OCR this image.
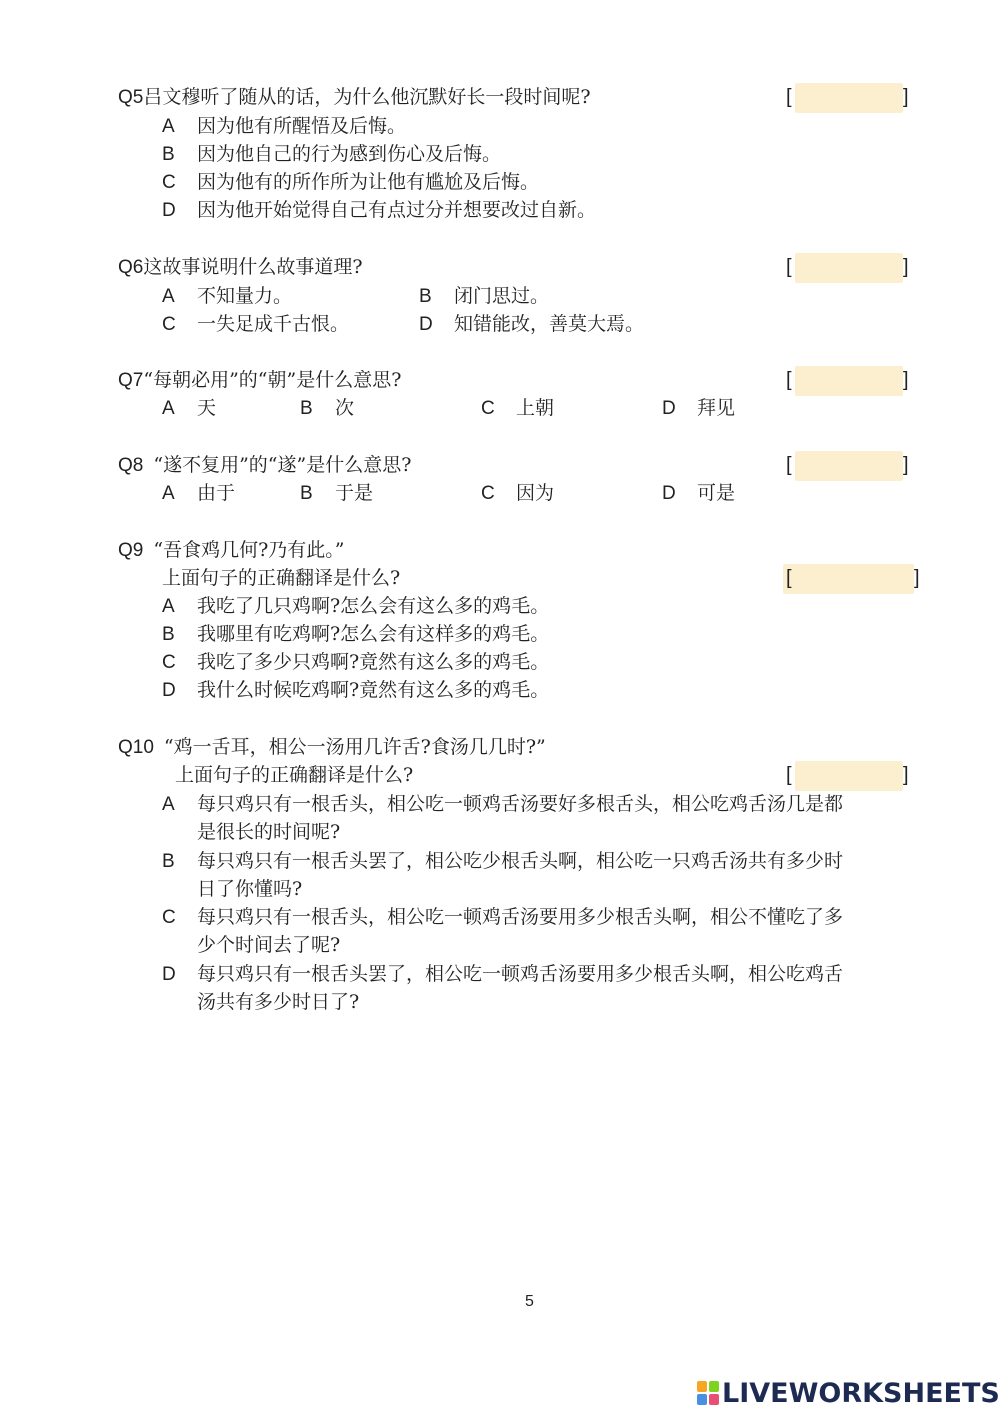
Q5吕文穆听了随从的话，为什么他沉默好长一段时间呢?	[	]
A 因为他有所醒悟及后悔。
B 因为他自己的行为感到伤心及后悔。
C 因为他有的所作所为让他有尴尬及后悔。
D 因为他开始觉得自己有点过分并想要改过自新。
Q6这故事说明什么故事道理?	[	]
A 不知量力。	B 闭门思过。
C 一失足成千古恨。	D 知错能改，善莫大焉。
Q7“每朝必用”的“朝”是什么意思?	[	]
A 天	B 次	C 上朝	D 拜见
Q8 “遂不复用”的“遂”是什么意思?	[	]
A 由于	B 于是	C 因为	D 可是
Q9 “吾食鸡几何?乃有此。”
上面句子的正确翻译是什么?	[	]
A 我吃了几只鸡啊?怎么会有这么多的鸡毛。
B 我哪里有吃鸡啊?怎么会有这样多的鸡毛。
C 我吃了多少只鸡啊?竟然有这么多的鸡毛。
D 我什么时候吃鸡啊?竟然有这么多的鸡毛。
Q10 “鸡一舌耳，相公一汤用几许舌?食汤几几时?”
上面句子的正确翻译是什么?	[	]
A 每只鸡只有一根舌头，相公吃一顿鸡舌汤要好多根舌头，相公吃鸡舌汤几是都
是很长的时间呢?
B 每只鸡只有一根舌头罢了，相公吃少根舌头啊，相公吃一只鸡舌汤共有多少时
日了你懂吗?
C 每只鸡只有一根舌头，相公吃一顿鸡舌汤要用多少根舌头啊，相公不懂吃了多
少个时间去了呢?
D 每只鸡只有一根舌头罢了，相公吃一顿鸡舌汤要用多少根舌头啊，相公吃鸡舌
汤共有多少时日了?
5
LIVEWORKSHEETS
